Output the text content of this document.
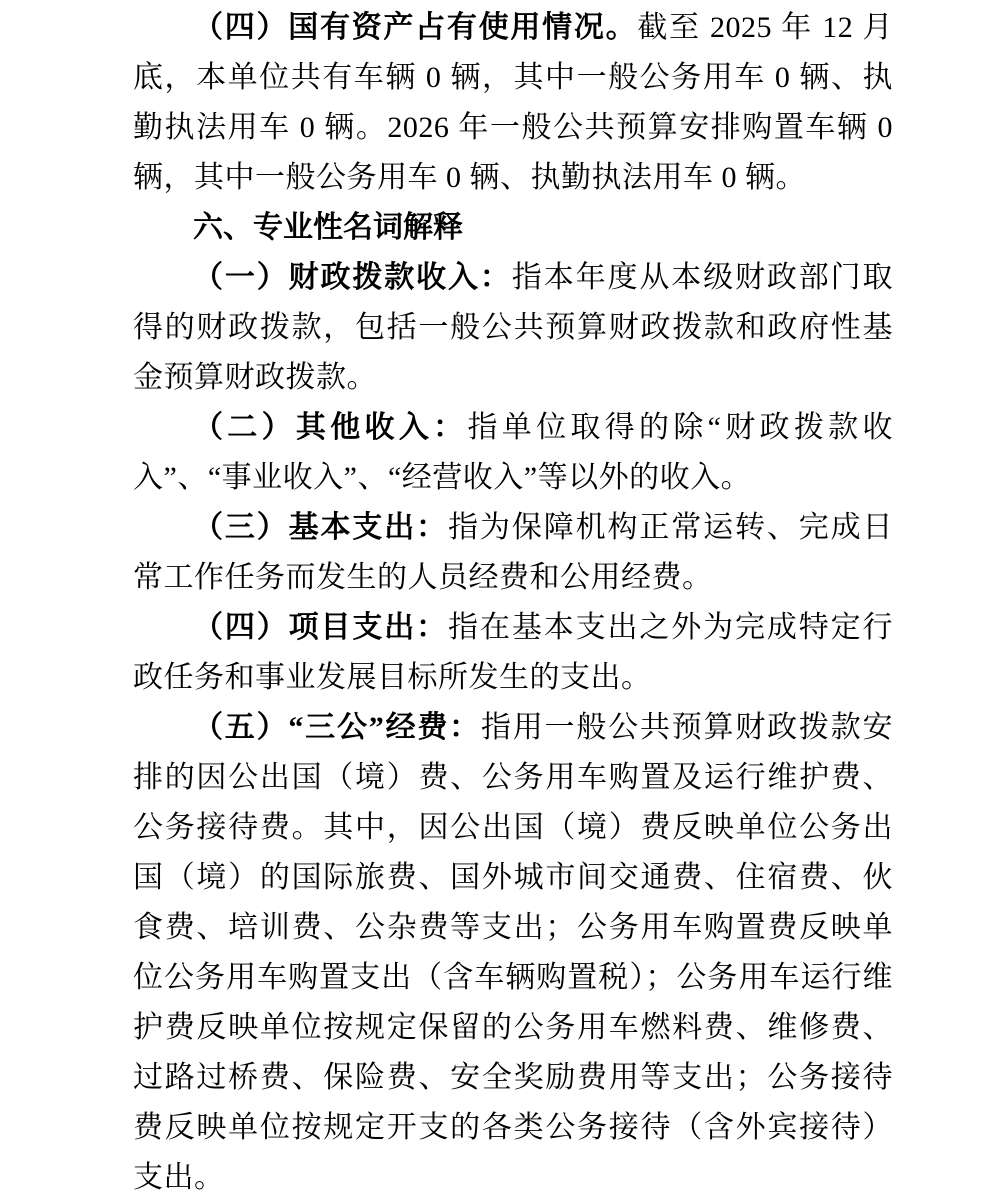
（四）国有资产占有使用情况。截至 2025 年 12 月底，本单位共有车辆 0 辆，其中一般公务用车 0 辆、执勤执法用车 0 辆。2026 年一般公共预算安排购置车辆 0 辆，其中一般公务用车 0 辆、执勤执法用车 0 辆。

六、专业性名词解释

（一）财政拨款收入：指本年度从本级财政部门取得的财政拨款，包括一般公共预算财政拨款和政府性基金预算财政拨款。

（二）其他收入：指单位取得的除“财政拨款收入”、“事业收入”、“经营收入”等以外的收入。

（三）基本支出：指为保障机构正常运转、完成日常工作任务而发生的人员经费和公用经费。

（四）项目支出：指在基本支出之外为完成特定行政任务和事业发展目标所发生的支出。

（五）“三公”经费：指用一般公共预算财政拨款安排的因公出国（境）费、公务用车购置及运行维护费、公务接待费。其中，因公出国（境）费反映单位公务出国（境）的国际旅费、国外城市间交通费、住宿费、伙食费、培训费、公杂费等支出；公务用车购置费反映单位公务用车购置支出（含车辆购置税）；公务用车运行维护费反映单位按规定保留的公务用车燃料费、维修费、过路过桥费、保险费、安全奖励费用等支出；公务接待费反映单位按规定开支的各类公务接待（含外宾接待）支出。
